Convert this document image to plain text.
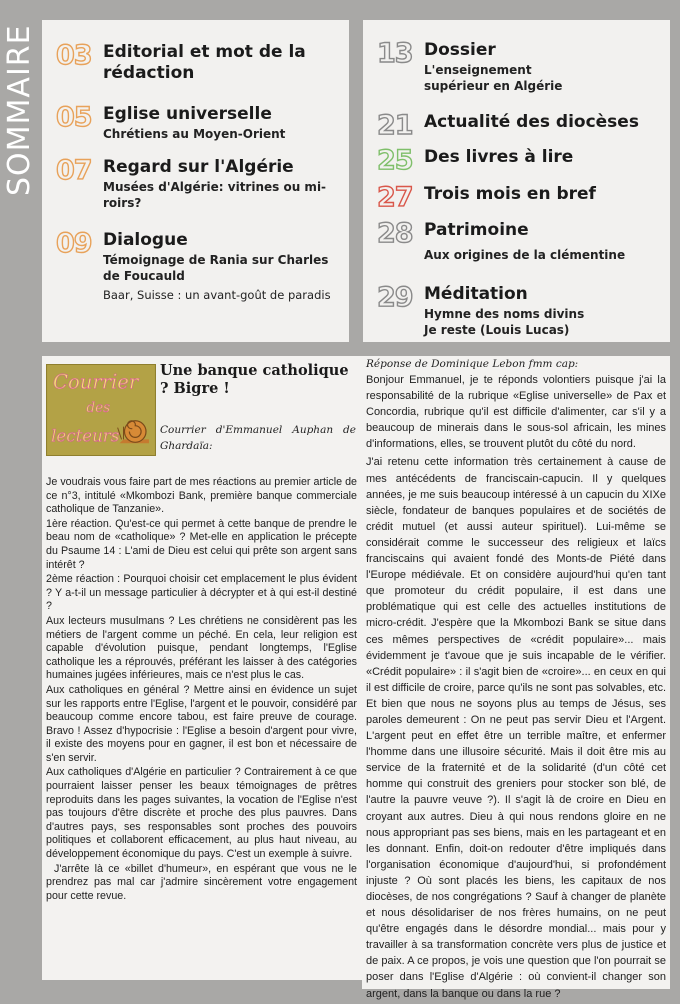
SOMMAIRE 03 Editorial et mot de la rédaction
05 Eglise universelle
Chrétiens au Moyen-Orient
07 Regard sur l'Algérie
Musées d'Algérie: vitrines ou mi-roirs?
09 Dialogue
Témoignage de Rania sur Charles de Foucauld
Baar, Suisse : un avant-goût de paradis
13 Dossier
L'enseignement supérieur en Algérie
21 Actualité des diocèses
25 Des livres à lire
27 Trois mois en bref
28 Patrimoine
Aux origines de la clémentine
29 Méditation
Hymne des noms divins
Je reste (Louis Lucas)
Courrier
des
lecteurs
Une banque catholique ? Bigre !
Courrier d'Emmanuel Auphan de Ghardaïa:

Je voudrais vous faire part de mes réactions au premier article de ce n°3, intitulé «Mkombozi Bank, première banque commerciale catholique de Tanzanie».

1ère réaction. Qu'est-ce qui permet à cette banque de prendre le beau nom de «catholique» ? Met-elle en application le précepte du Psaume 14 : L'ami de Dieu est celui qui prête son argent sans intérêt ?

2ème réaction : Pourquoi choisir cet emplacement le plus évident ? Y a-t-il un message particulier à décrypter et à qui est-il destiné ?

Aux lecteurs musulmans ? Les chrétiens ne considèrent pas les métiers de l'argent comme un péché. En cela, leur religion est capable d'évolution puisque, pendant longtemps, l'Eglise catholique les a réprouvés, préférant les laisser à des catégories humaines jugées inférieures, mais ce n'est plus le cas.

Aux catholiques en général ? Mettre ainsi en évidence un sujet sur les rapports entre l'Eglise, l'argent et le pouvoir, considéré par beaucoup comme encore tabou, est faire preuve de courage. Bravo ! Assez d'hypocrisie : l'Eglise a besoin d'argent pour vivre, il existe des moyens pour en gagner, il est bon et nécessaire de s'en servir.

Aux catholiques d'Algérie en particulier ? Contrairement à ce que pourraient laisser penser les beaux témoignages de prêtres reproduits dans les pages suivantes, la vocation de l'Eglise n'est pas toujours d'être discrète et proche des plus pauvres. Dans d'autres pays, ses responsables sont proches des pouvoirs politiques et collaborent efficacement, au plus haut niveau, au développement économique du pays. C'est un exemple à suivre.

J'arrête là ce «billet d'humeur», en espérant que vous ne le prendrez pas mal car j'admire sincèrement votre engagement pour cette revue.

Réponse de Dominique Lebon fmm cap:

Bonjour Emmanuel, je te réponds volontiers puisque j'ai la responsabilité de la rubrique «Eglise universelle» de Pax et Concordia, rubrique qu'il est difficile d'alimenter, car s'il y a beaucoup de minerais dans le sous-sol africain, les mines d'informations, elles, se trouvent plutôt du côté du nord.

J'ai retenu cette information très certainement à cause de mes antécédents de franciscain-capucin. Il y quelques années, je me suis beaucoup intéressé à un capucin du XIXe siècle, fondateur de banques populaires et de sociétés de crédit mutuel (et aussi auteur spirituel). Lui-même se considérait comme le successeur des religieux et laïcs franciscains qui avaient fondé des Monts-de Piété dans l'Europe médiévale. Et on considère aujourd'hui qu'en tant que promoteur du crédit populaire, il est dans une problématique qui est celle des actuelles institutions de micro-crédit. J'espère que la Mkombozi Bank se situe dans ces mêmes perspectives de «crédit populaire»... mais évidemment je t'avoue que je suis incapable de le vérifier. «Crédit populaire» : il s'agit bien de «croire»... en ceux en qui il est difficile de croire, parce qu'ils ne sont pas solvables, etc. Et bien que nous ne soyons plus au temps de Jésus, ses paroles demeurent : On ne peut pas servir Dieu et l'Argent. L'argent peut en effet être un terrible maître, et enfermer l'homme dans une illusoire sécurité. Mais il doit être mis au service de la fraternité et de la solidarité (d'un côté cet homme qui construit des greniers pour stocker son blé, de l'autre la pauvre veuve ?). Il s'agit là de croire en Dieu en croyant aux autres. Dieu à qui nous rendons gloire en ne nous appropriant pas ses biens, mais en les partageant et en les donnant. Enfin, doit-on redouter d'être impliqués dans l'organisation économique d'aujourd'hui, si profondément injuste ? Où sont placés les biens, les capitaux de nos diocèses, de nos congrégations ? Sauf à changer de planète et nous désolidariser de nos frères humains, on ne peut qu'être engagés dans le désordre mondial... mais pour y travailler à sa transformation concrète vers plus de justice et de paix. A ce propos, je vois une question que l'on pourrait se poser dans l'Eglise d'Algérie : où convient-il changer son argent, dans la banque ou dans la rue ?
